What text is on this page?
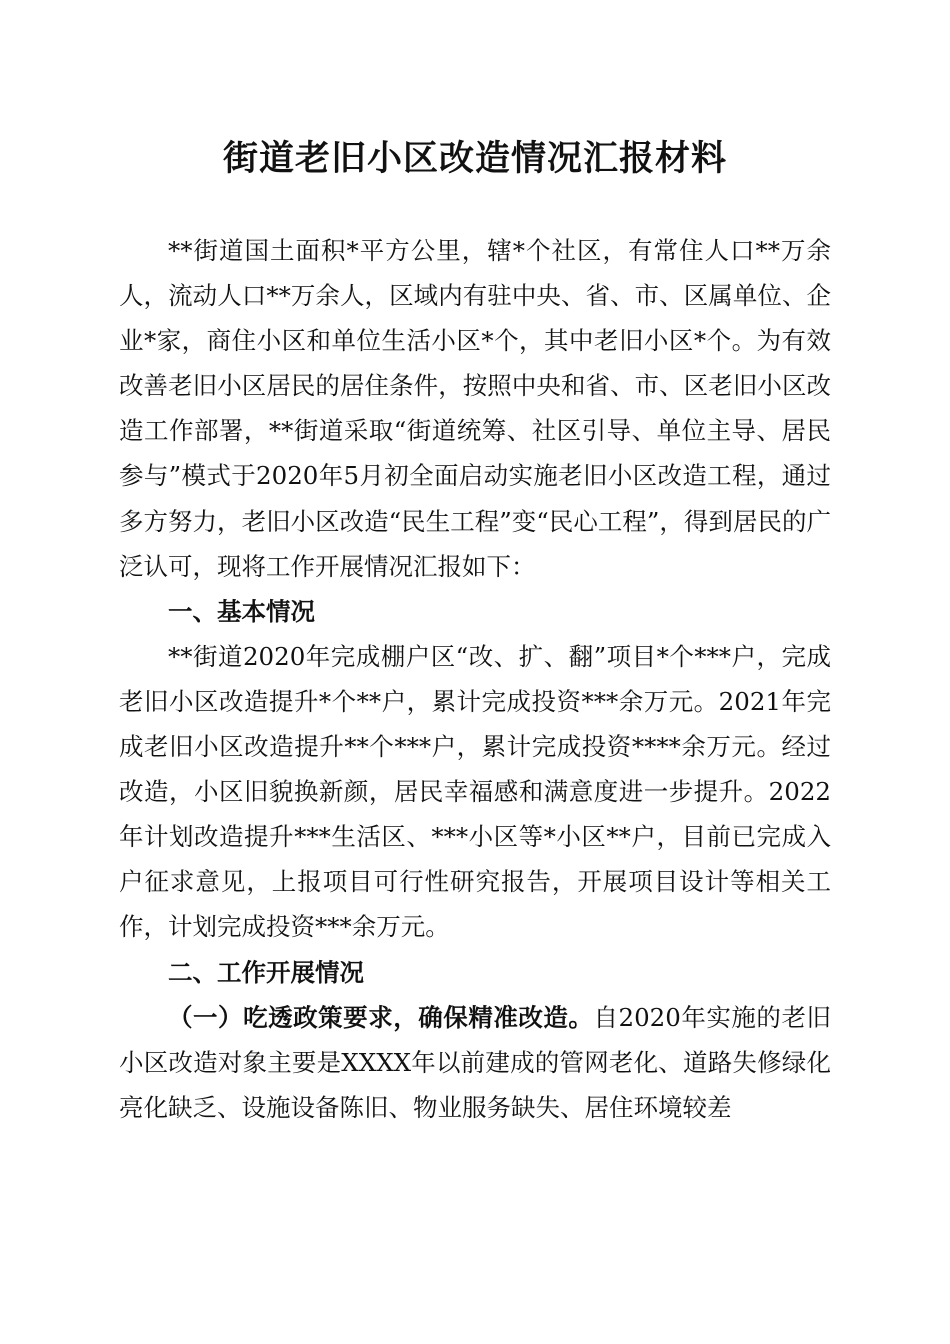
街道老旧小区改造情况汇报材料

**街道国土面积*平方公里，辖*个社区，有常住人口**万余人，流动人口**万余人，区域内有驻中央、省、市、区属单位、企业*家，商住小区和单位生活小区*个，其中老旧小区*个。为有效改善老旧小区居民的居住条件，按照中央和省、市、区老旧小区改造工作部署，**街道采取“街道统筹、社区引导、单位主导、居民参与”模式于2020年5月初全面启动实施老旧小区改造工程，通过多方努力，老旧小区改造“民生工程”变“民心工程”，得到居民的广泛认可，现将工作开展情况汇报如下：

一、基本情况

**街道2020年完成棚户区“改、扩、翻”项目*个***户，完成老旧小区改造提升*个**户，累计完成投资***余万元。2021年完成老旧小区改造提升**个***户，累计完成投资****余万元。经过改造，小区旧貌换新颜，居民幸福感和满意度进一步提升。2022年计划改造提升***生活区、***小区等*小区**户，目前已完成入户征求意见，上报项目可行性研究报告，开展项目设计等相关工作，计划完成投资***余万元。

二、工作开展情况

（一）吃透政策要求，确保精准改造。自2020年实施的老旧小区改造对象主要是XXXX年以前建成的管网老化、道路失修绿化亮化缺乏、设施设备陈旧、物业服务缺失、居住环境较差
